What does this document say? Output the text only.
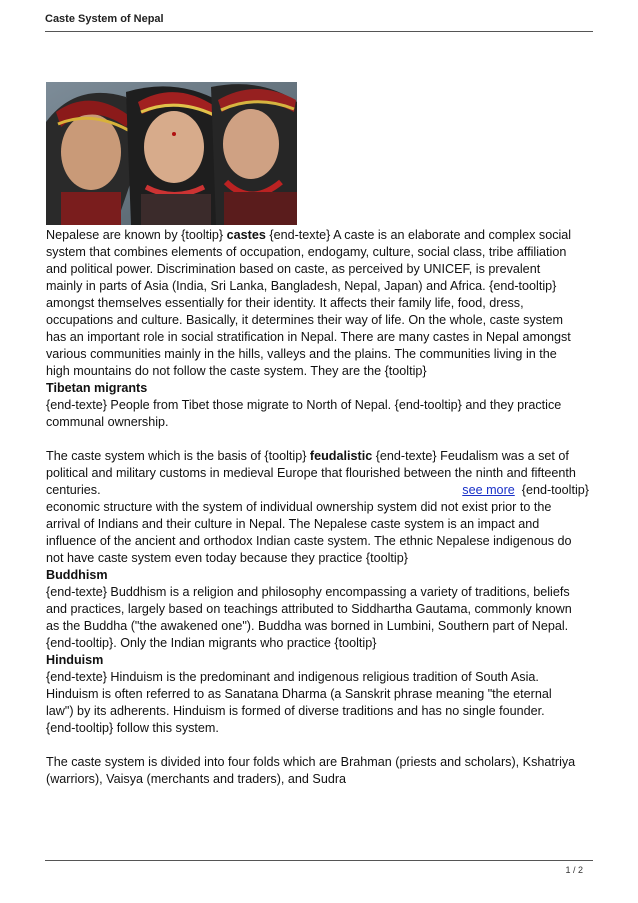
Caste System of Nepal
Nepalese are known by {tooltip} castes {end-texte} A caste is an elaborate and complex social
system that combines elements of occupation, endogamy, culture, social class, tribe affiliation
and political power. Discrimination based on caste, as perceived by UNICEF, is prevalent
mainly in parts of Asia (India, Sri Lanka, Bangladesh, Nepal, Japan) and Africa. {end-tooltip}
amongst themselves essentially for their identity. It affects their family life, food, dress,
occupations and culture. Basically, it determines their way of life. On the whole, caste system
has an important role in social stratification in Nepal. There are many castes in Nepal amongst
various communities mainly in the hills, valleys and the plains. The communities living in the
high mountains do not follow the caste system. They are the {tooltip}
Tibetan migrants
{end-texte} People from Tibet those migrate to North of Nepal. {end-tooltip} and they practice
communal ownership.
The caste system which is the basis of {tooltip} feudalistic {end-texte} Feudalism was a set of
political and military customs in medieval Europe that flourished between the ninth and fifteenth
centuries.	see more {end-tooltip}
economic structure with the system of individual ownership system did not exist prior to the
arrival of Indians and their culture in Nepal. The Nepalese caste system is an impact and
influence of the ancient and orthodox Indian caste system. The ethnic Nepalese indigenous do
not have caste system even today because they practice {tooltip}
Buddhism
{end-texte} Buddhism is a religion and philosophy encompassing a variety of traditions, beliefs
and practices, largely based on teachings attributed to Siddhartha Gautama, commonly known
as the Buddha ("the awakened one"). Buddha was borned in Lumbini, Southern part of Nepal.
{end-tooltip}. Only the Indian migrants who practice {tooltip}
Hinduism
{end-texte} Hinduism is the predominant and indigenous religious tradition of South Asia.
Hinduism is often referred to as Sanatana Dharma (a Sanskrit phrase meaning "the eternal
law") by its adherents. Hinduism is formed of diverse traditions and has no single founder.
{end-tooltip} follow this system.
The caste system is divided into four folds which are Brahman (priests and scholars), Kshatriya
(warriors), Vaisya (merchants and traders), and Sudra
1 / 2
